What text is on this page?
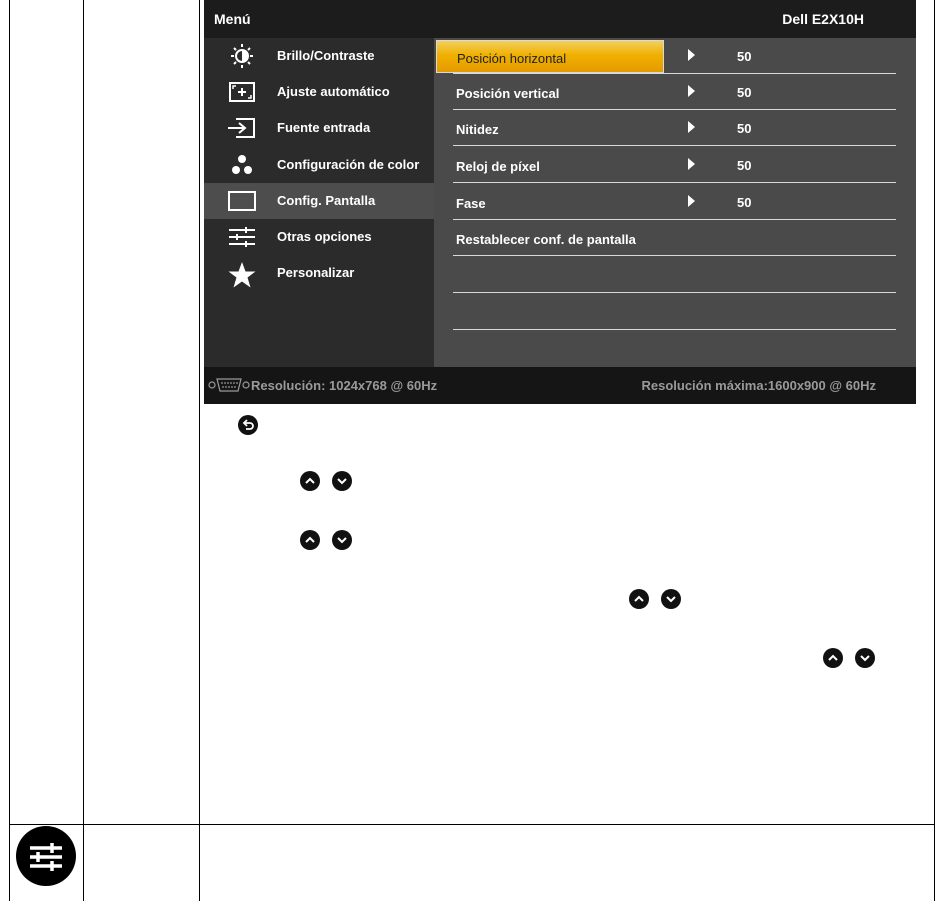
Menú	Dell E2X10H
Brillo/Contraste
Ajuste automático
Fuente entrada
Configuración de color
Config. Pantalla
Otras opciones
Personalizar
Posición horizontal	50
Posición vertical	50
Nitidez	50
Reloj de píxel	50
Fase	50
Restablecer conf. de pantalla
Resolución: 1024x768 @ 60Hz	Resolución máxima:1600x900 @ 60Hz
